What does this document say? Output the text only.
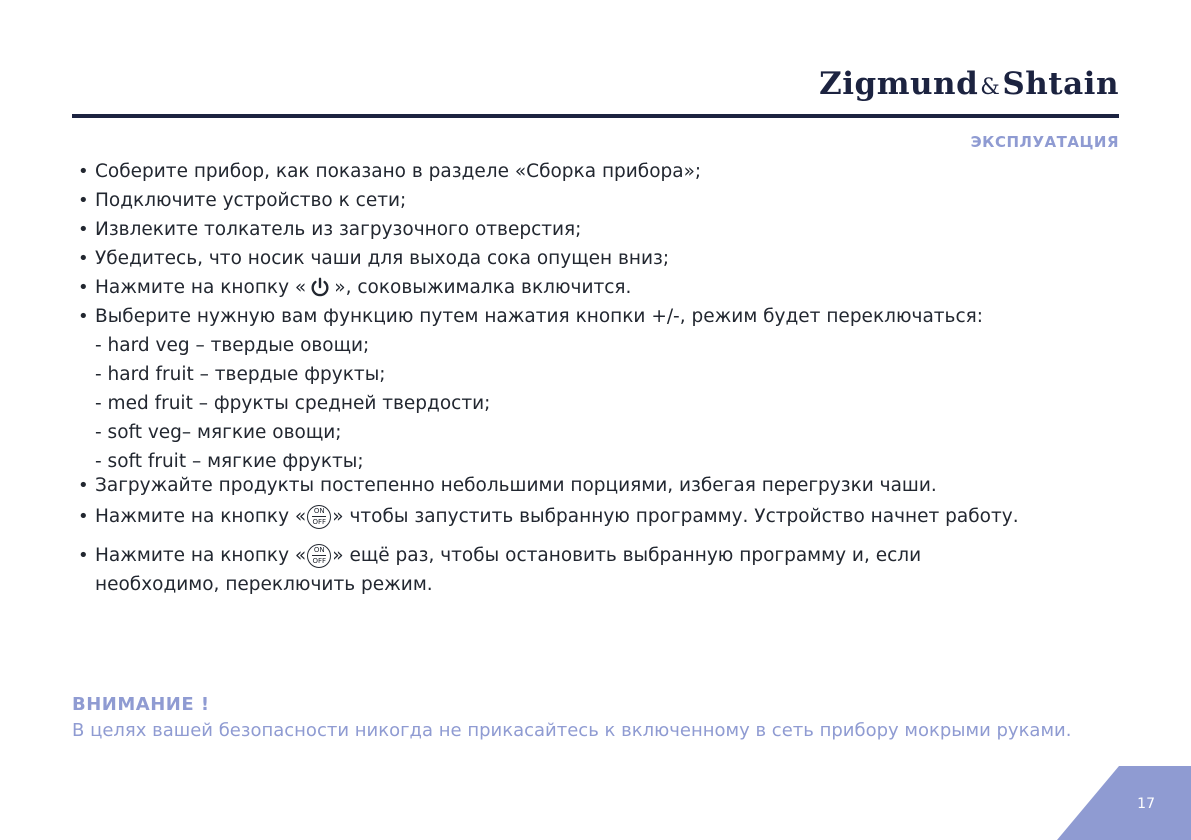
Zigmund&Shtain
ЭКСПЛУАТАЦИЯ
• Соберите прибор, как показано в разделе «Сборка прибора»;
• Подключите устройство к сети;
• Извлеките толкатель из загрузочного отверстия;
• Убедитесь, что носик чаши для выхода сока опущен вниз;
• Нажмите на кнопку « », соковыжималка включится.
• Выберите нужную вам функцию путем нажатия кнопки +/-, режим будет переключаться:
- hard veg – твердые овощи;
- hard fruit – твердые фрукты;
- med fruit – фрукты средней твердости;
- soft veg– мягкие овощи;
- soft fruit – мягкие фрукты;
• Загружайте продукты постепенно небольшими порциями, избегая перегрузки чаши.
• Нажмите на кнопку « ON
OFF » чтобы запустить выбранную программу. Устройство начнет работу.
• Нажмите на кнопку « ON
OFF » ещё раз, чтобы остановить выбранную программу и, если
необходимо, переключить режим.
ВНИМАНИЕ !
В целях вашей безопасности никогда не прикасайтесь к включенному в сеть прибору мокрыми руками.
17
